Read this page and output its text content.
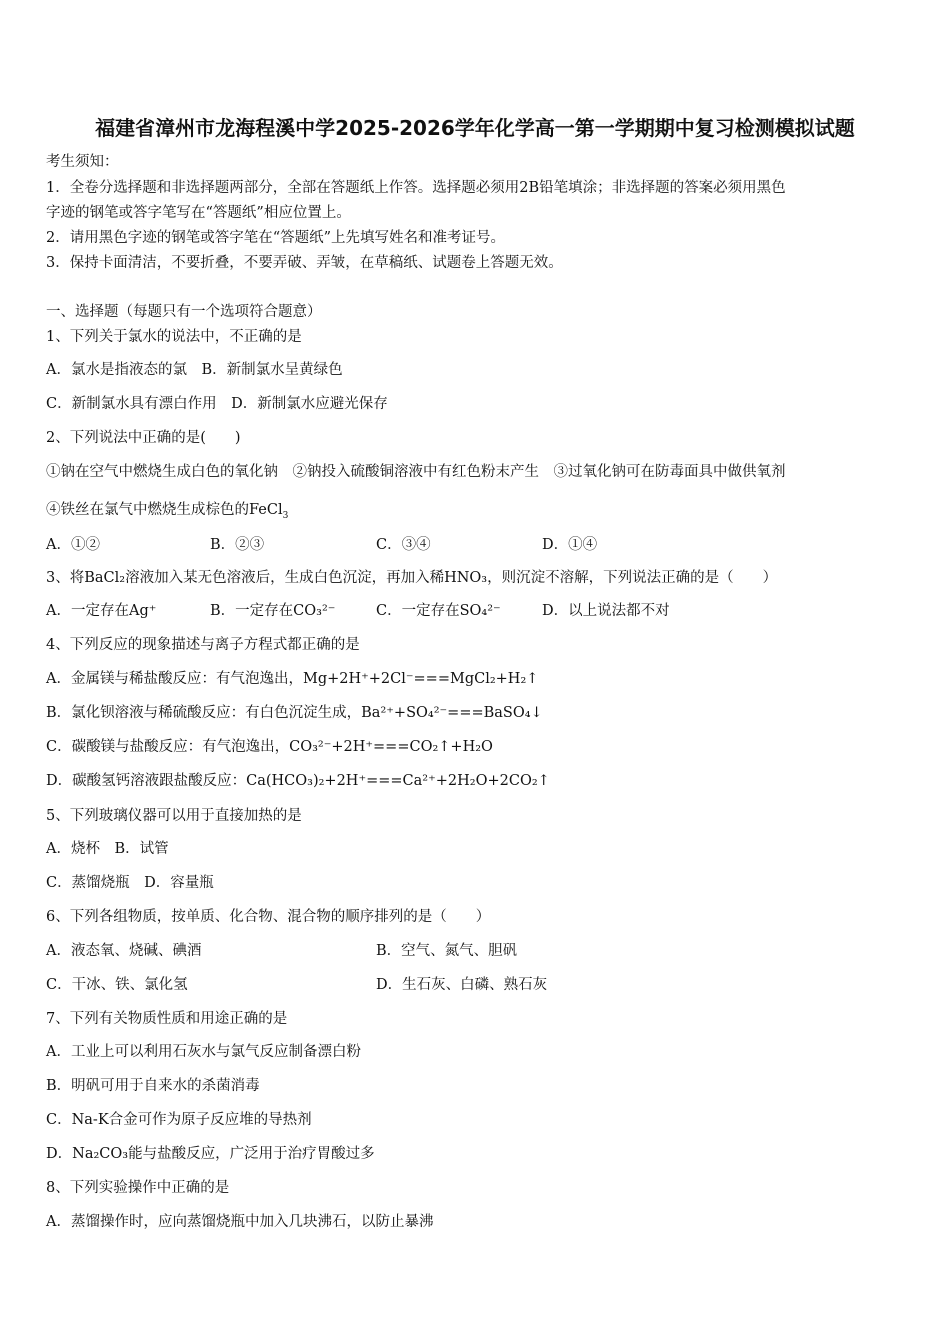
福建省漳州市龙海程溪中学2025-2026学年化学高一第一学期期中复习检测模拟试题
考生须知：
1．全卷分选择题和非选择题两部分，全部在答题纸上作答。选择题必须用2B铅笔填涂；非选择题的答案必须用黑色
字迹的钢笔或答字笔写在“答题纸”相应位置上。
2．请用黑色字迹的钢笔或答字笔在“答题纸”上先填写姓名和准考证号。
3．保持卡面清洁，不要折叠，不要弄破、弄皱，在草稿纸、试题卷上答题无效。
一、选择题（每题只有一个选项符合题意）
1、下列关于氯水的说法中，不正确的是
A．氯水是指液态的氯　B．新制氯水呈黄绿色
C．新制氯水具有漂白作用　D．新制氯水应避光保存
2、下列说法中正确的是(　　)
①钠在空气中燃烧生成白色的氧化钠　②钠投入硫酸铜溶液中有红色粉末产生　③过氧化钠可在防毒面具中做供氧剂
④铁丝在氯气中燃烧生成棕色的FeCl$_3$
A．①②	B．②③	C．③④	D．①④
3、将BaCl₂溶液加入某无色溶液后，生成白色沉淀，再加入稀HNO₃，则沉淀不溶解，下列说法正确的是（　　）
A．一定存在Ag⁺	B．一定存在CO₃²⁻	C．一定存在SO₄²⁻	D．以上说法都不对
4、下列反应的现象描述与离子方程式都正确的是
A．金属镁与稀盐酸反应：有气泡逸出，Mg+2H⁺+2Cl⁻===MgCl₂+H₂↑
B．氯化钡溶液与稀硫酸反应：有白色沉淀生成，Ba²⁺+SO₄²⁻===BaSO₄↓
C．碳酸镁与盐酸反应：有气泡逸出，CO₃²⁻+2H⁺===CO₂↑+H₂O
D．碳酸氢钙溶液跟盐酸反应：Ca(HCO₃)₂+2H⁺===Ca²⁺+2H₂O+2CO₂↑
5、下列玻璃仪器可以用于直接加热的是
A．烧杯　B．试管
C．蒸馏烧瓶　D．容量瓶
6、下列各组物质，按单质、化合物、混合物的顺序排列的是（　　）
A．液态氧、烧碱、碘酒	B．空气、氮气、胆矾
C．干冰、铁、氯化氢	D．生石灰、白磷、熟石灰
7、下列有关物质性质和用途正确的是
A．工业上可以利用石灰水与氯气反应制备漂白粉
B．明矾可用于自来水的杀菌消毒
C．Na-K合金可作为原子反应堆的导热剂
D．Na₂CO₃能与盐酸反应，广泛用于治疗胃酸过多
8、下列实验操作中正确的是
A．蒸馏操作时，应向蒸馏烧瓶中加入几块沸石，以防止暴沸
